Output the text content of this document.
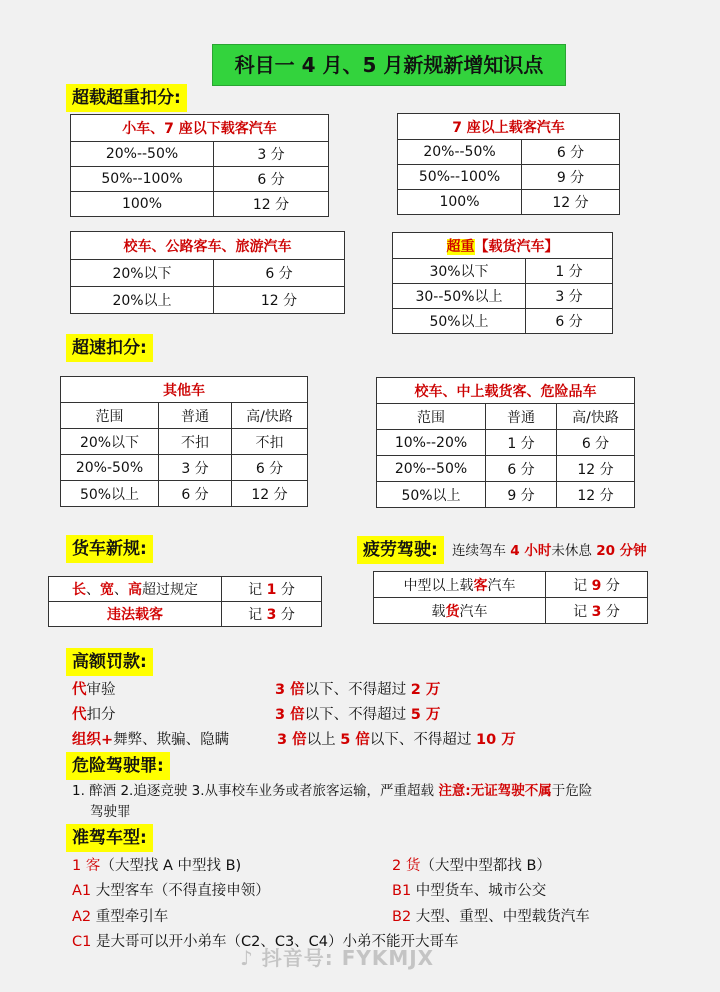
科目一 4 月、5 月新规新增知识点
超载超重扣分:
小车、7 座以下载客汽车	
20%--50%	3 分
50%--100%	6 分
100%	12 分
7 座以上载客汽车	
20%--50%	6 分
50%--100%	9 分
100%	12 分
校车、公路客车、旅游汽车	
20%以下	6 分
20%以上	12 分
超重【载货汽车】	
30%以下	1 分
30--50%以上	3 分
50%以上	6 分
超速扣分:
其他车		
范围	普通	高/快路
20%以下	不扣	不扣
20%-50%	3 分	6 分
50%以上	6 分	12 分
校车、中上载货客、危险品车		
范围	普通	高/快路
10%--20%	1 分	6 分
20%--50%	6 分	12 分
50%以上	9 分	12 分
货车新规:
长、宽、高超过规定	记 1 分
违法载客	记 3 分
疲劳驾驶:	连续驾车 4 小时未休息 20 分钟
中型以上载客汽车	记 9 分
载货汽车	记 3 分
高额罚款:
代审验	3 倍以下、不得超过 2 万
代扣分	3 倍以下、不得超过 5 万
组织+舞弊、欺骗、隐瞒	3 倍以上 5 倍以下、不得超过 10 万
危险驾驶罪:
1. 醉酒 2.追逐竞驶 3.从事校车业务或者旅客运输，严重超载 注意:无证驾驶不属于危险
驾驶罪
准驾车型:
1 客（大型找 A 中型找 B)
A1 大型客车（不得直接申领）
A2 重型牵引车
C1 是大哥可以开小弟车（C2、C3、C4）小弟不能开大哥车
2 货（大型中型都找 B）
B1 中型货车、城市公交
B2 大型、重型、中型载货汽车
♪ 抖音号: FYKMJX
